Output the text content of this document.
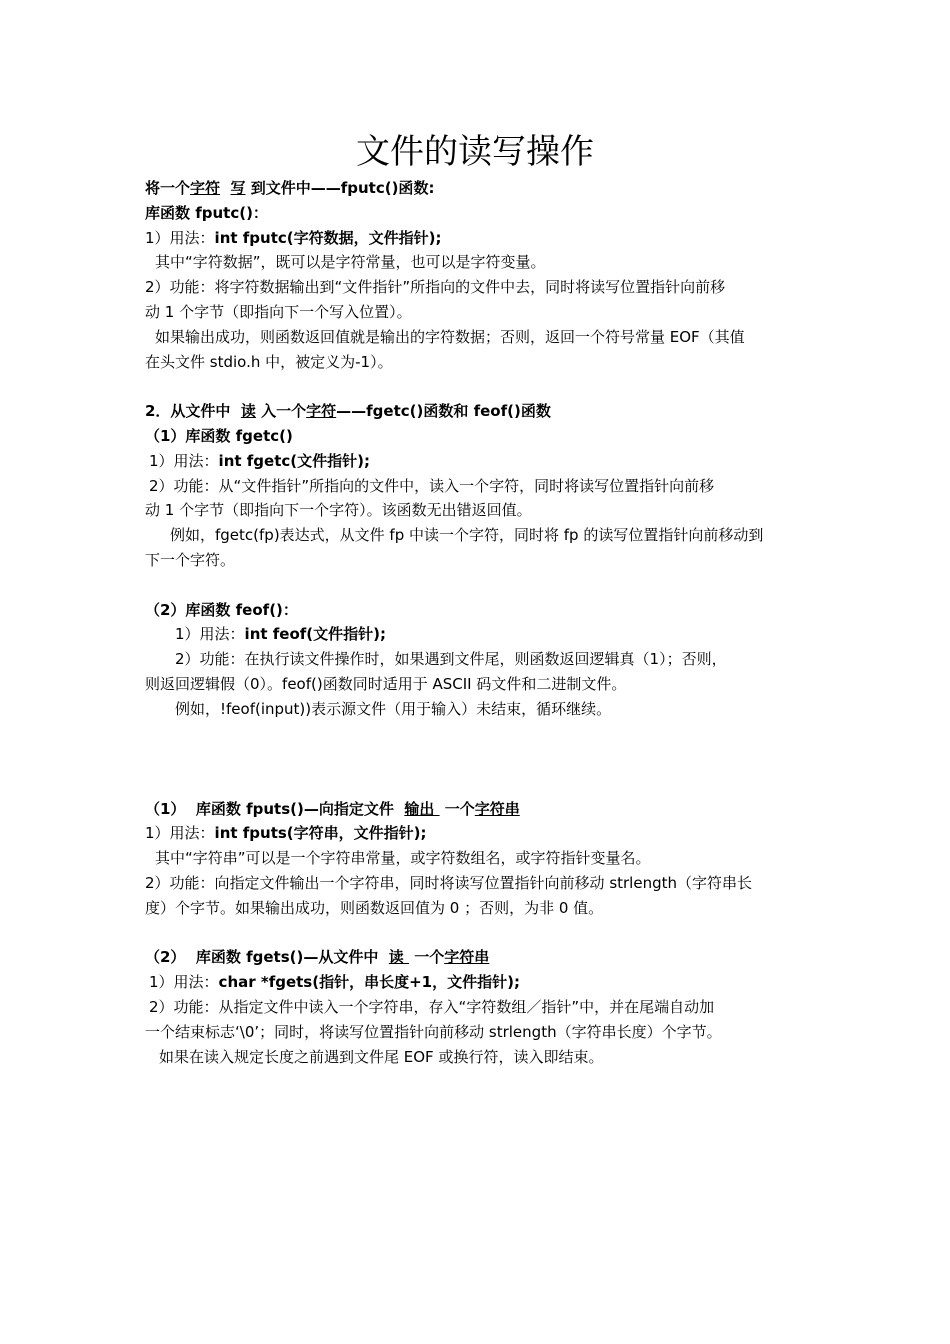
文件的读写操作
将一个字符 写 到文件中——fputc()函数:
库函数 fputc()：
1）用法：int fputc(字符数据，文件指针);
其中“字符数据”，既可以是字符常量，也可以是字符变量。
2）功能：将字符数据输出到“文件指针”所指向的文件中去，同时将读写位置指针向前移
动 1 个字节（即指向下一个写入位置）。
如果输出成功，则函数返回值就是输出的字符数据；否则，返回一个符号常量 EOF（其值
在头文件 stdio.h 中，被定义为-1）。
2．从文件中  读 入一个字符——fgetc()函数和 feof()函数
（1）库函数 fgetc()
1）用法：int fgetc(文件指针);
2）功能：从“文件指针”所指向的文件中，读入一个字符，同时将读写位置指针向前移
动 1 个字节（即指向下一个字符）。该函数无出错返回值。
例如，fgetc(fp)表达式，从文件 fp 中读一个字符，同时将 fp 的读写位置指针向前移动到
下一个字符。
（2）库函数 feof()：
1）用法：int feof(文件指针);
2）功能：在执行读文件操作时，如果遇到文件尾，则函数返回逻辑真（1）；否则，
则返回逻辑假（0）。feof()函数同时适用于 ASCII 码文件和二进制文件。
例如，!feof(input))表示源文件（用于输入）未结束，循环继续。
（1）  库函数 fputs()—向指定文件  输出  一个字符串
1）用法：int fputs(字符串，文件指针);
其中“字符串”可以是一个字符串常量，或字符数组名，或字符指针变量名。
2）功能：向指定文件输出一个字符串，同时将读写位置指针向前移动 strlength（字符串长
度）个字节。如果输出成功，则函数返回值为 0 ；否则，为非 0 值。
（2）  库函数 fgets()—从文件中  读  一个字符串
1）用法：char *fgets(指针，串长度+1，文件指针);
2）功能：从指定文件中读入一个字符串，存入“字符数组／指针”中，并在尾端自动加
一个结束标志‘\0’；同时，将读写位置指针向前移动 strlength（字符串长度）个字节。
如果在读入规定长度之前遇到文件尾 EOF 或换行符，读入即结束。
